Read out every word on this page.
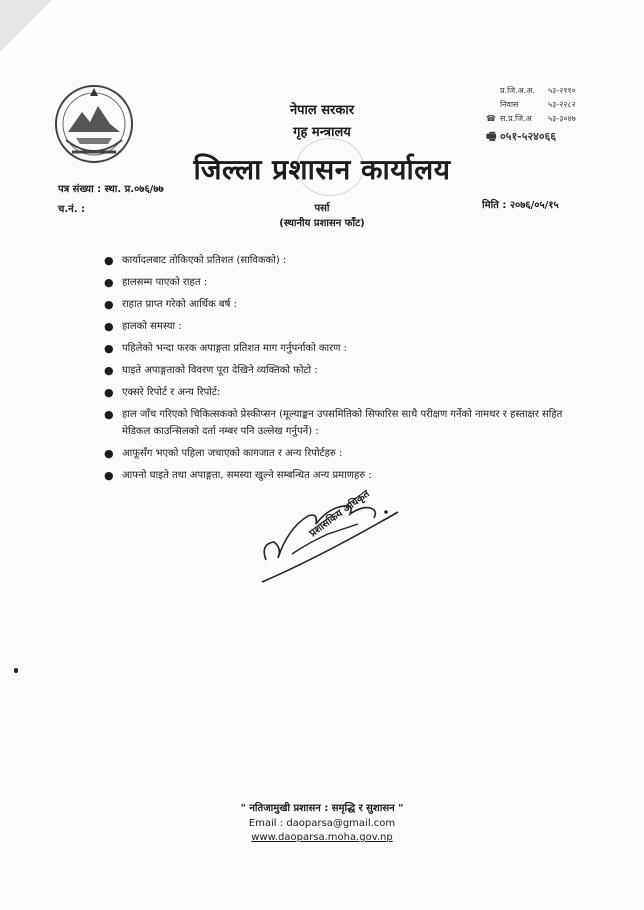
नेपाल सरकार
गृह मन्त्रालय
जिल्ला प्रशासन कार्यालय
प्र.जि.अ.अ.	५३-२११०
निवास	५३-२२८२
☎ स.प्र.जि.अ	५३-३०४७
🖷 ०५१-५२४०६६
पत्र संख्या : स्था. प्र.०७६/७७
च.नं. :	मिति : २०७६/०५/१५
पर्सा
(स्थानीय प्रशासन फाँट)
● कार्यादलबाट तोकिएको प्रतिशत (साविकको) :
● हालसम्म पाएको राहत :
● राहात प्राप्त गरेको आर्थिक बर्ष :
● हालको समस्या :
● पहिलेको भन्दा फरक अपाङ्गता प्रतिशत माग गर्नुपर्नाको कारण :
● घाइते अपाङ्गताको विवरण पूरा देखिने व्यक्तिको फोटो :
● एक्सरे रिपोर्ट र अन्य रिपोर्ट:
● हाल जाँच गरिएको चिकित्सकको प्रेस्कीप्सन (मूल्याङ्कन उपसमितिको सिफारिस साथै परीक्षण गर्नेको नामथर र हस्ताक्षर सहित मेडिकल काउन्सिलको दर्ता नम्बर पनि उल्लेख गर्नुपर्ने) :
● आफूसँग भएको पहिला जचाएको कागजात र अन्य रिपोर्टहरु :
● आफ्नो घाइते तथा अपाङ्गता, समस्या खुल्ने सम्बन्धित अन्य प्रमाणहरु :
प्रशासकिय अधिकृत
" नतिजामुखी प्रशासन : समृद्धि र सुशासन "
Email : daoparsa@gmail.com
www.daoparsa.moha.gov.np
